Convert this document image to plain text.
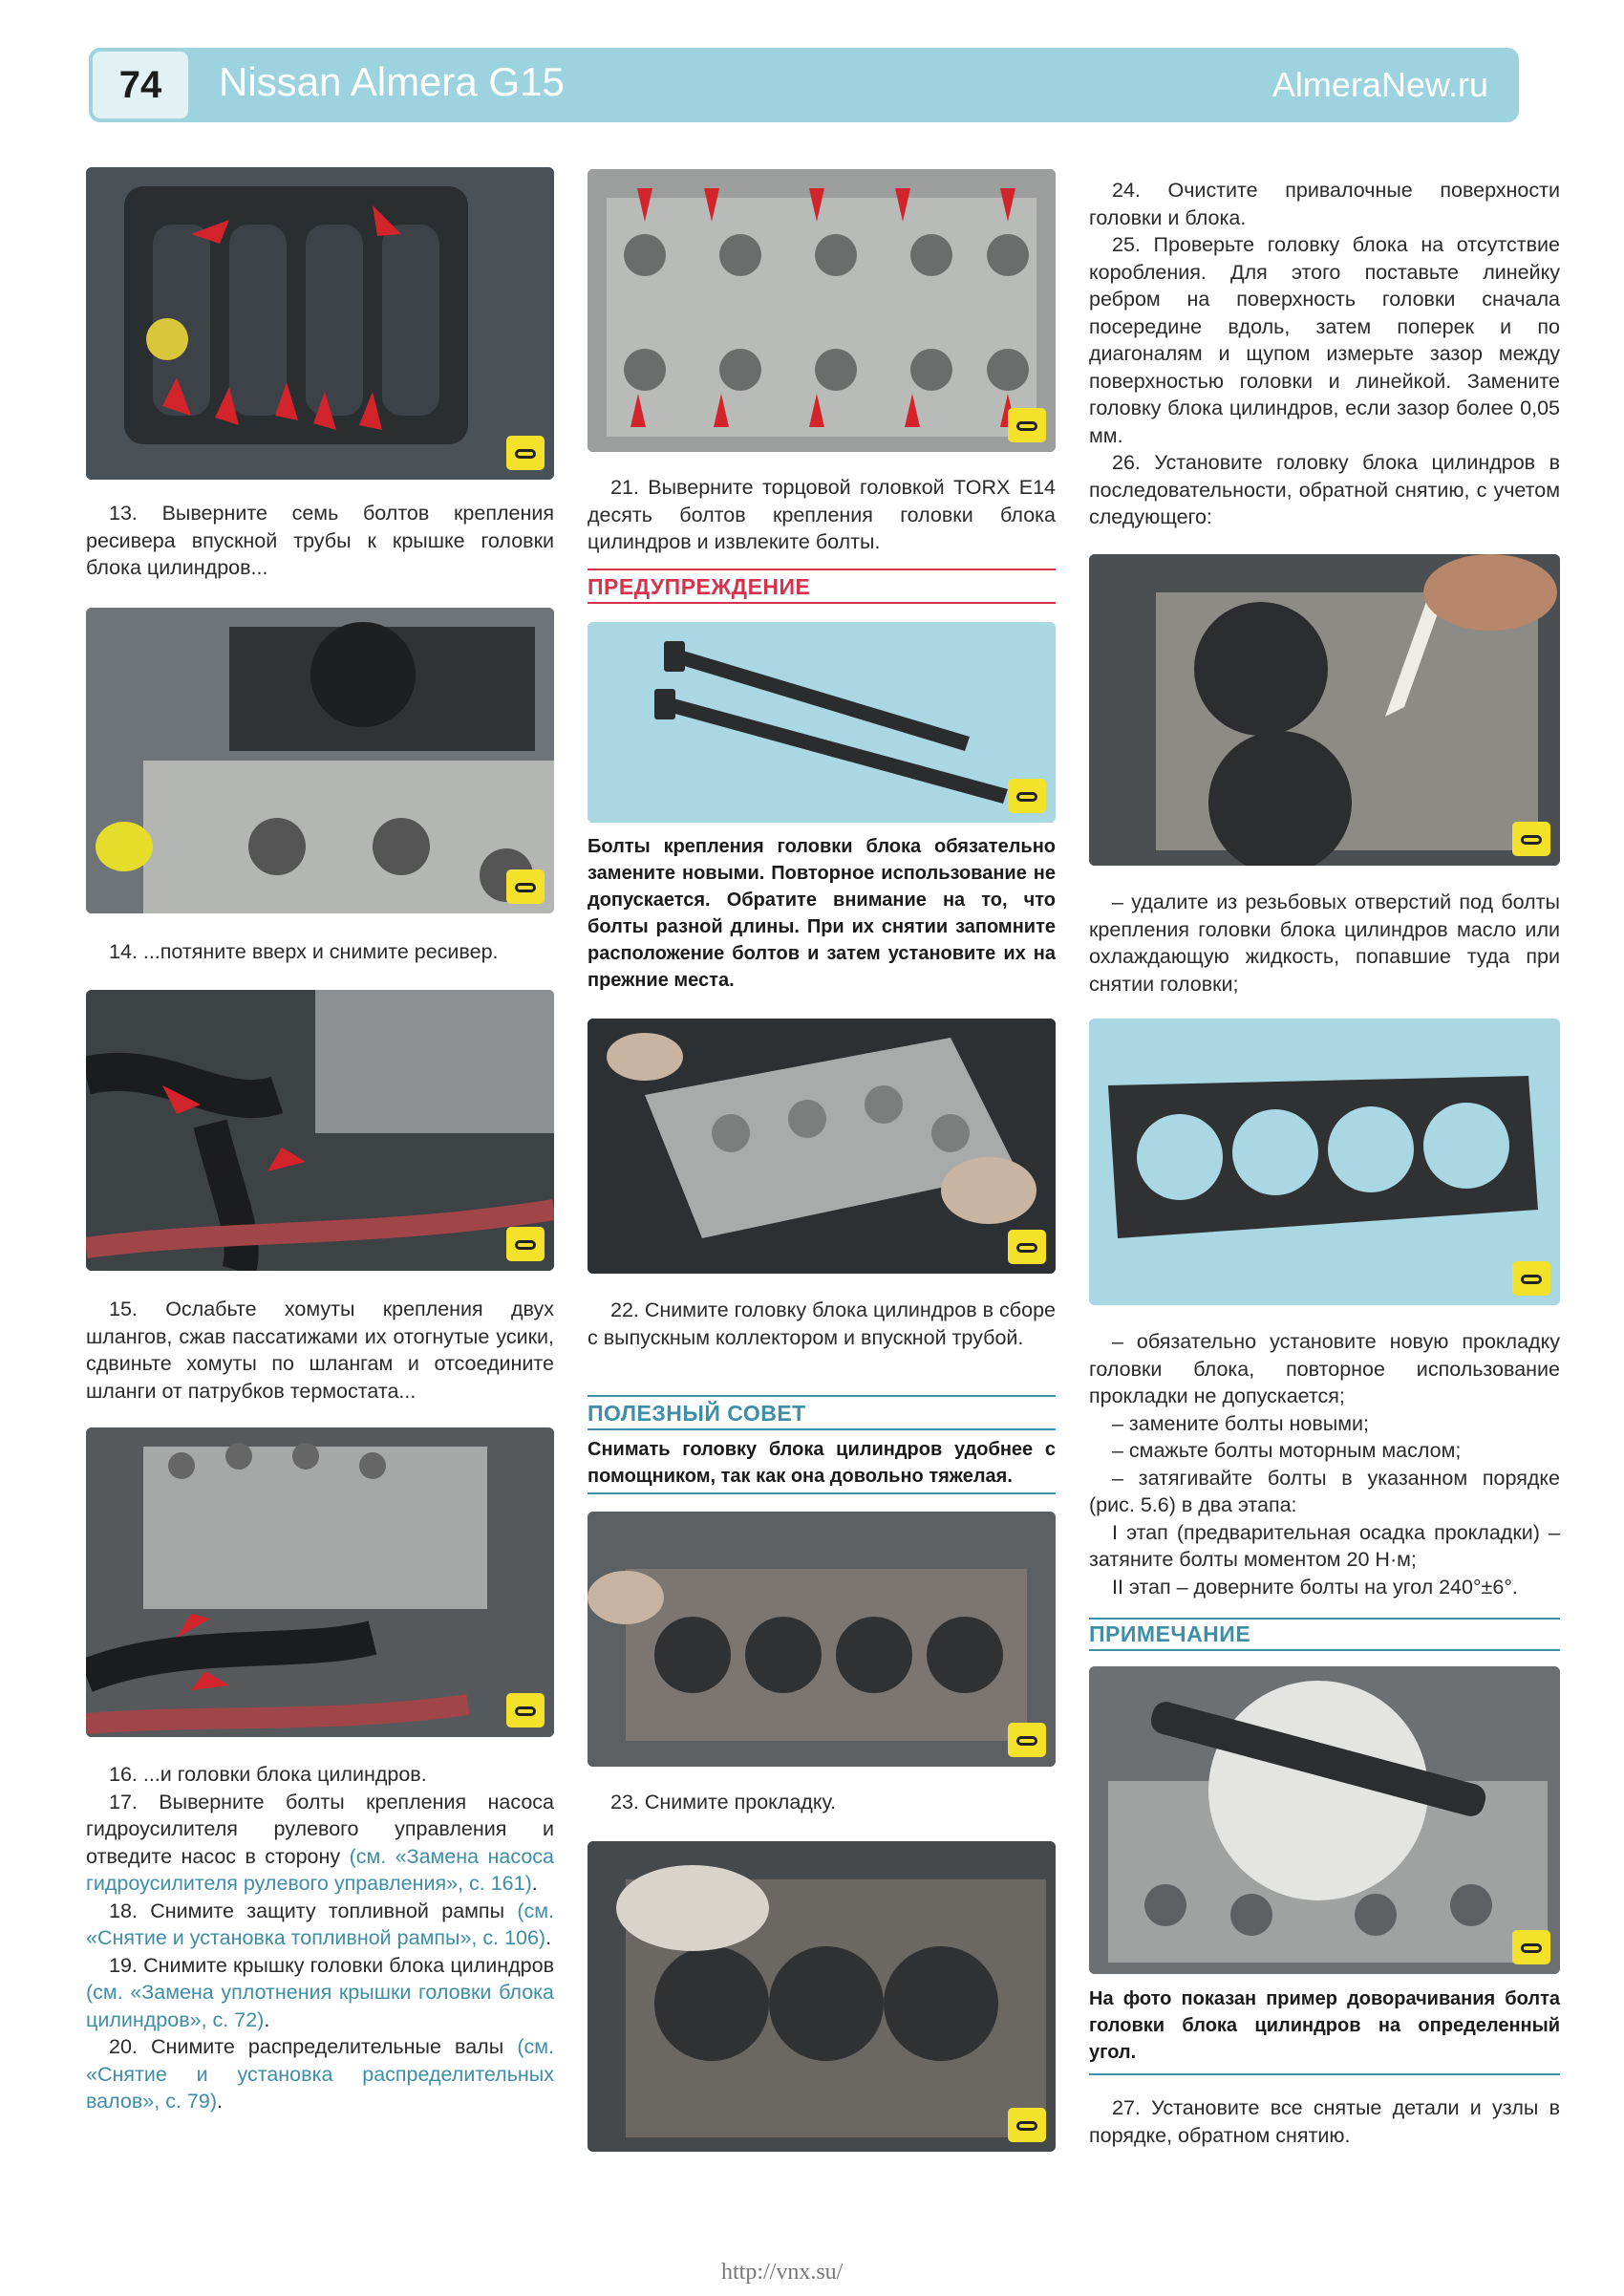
74	Nissan Almera G15	AlmeraNew.ru

13. Выверните семь болтов крепления ресивера впускной трубы к крышке головки блока цилиндров...

14. ...потяните вверх и снимите ресивер.

15. Ослабьте хомуты крепления двух шлангов, сжав пассатижами их отогнутые усики, сдвиньте хомуты по шлангам и отсоедините шланги от патрубков термостата...

16. ...и головки блока цилиндров.

17. Выверните болты крепления насоса гидроусилителя рулевого управления и отведите насос в сторону (см. «Замена насоса гидроусилителя рулевого управления», с. 161).

18. Снимите защиту топливной рампы (см. «Снятие и установка топливной рампы», с. 106).

19. Снимите крышку головки блока цилиндров (см. «Замена уплотнения крышки головки блока цилиндров», с. 72).

20. Снимите распределительные валы (см. «Снятие и установка распределительных валов», с. 79).

21. Выверните торцовой головкой TORX E14 десять болтов крепления головки блока цилиндров и извлеките болты.

ПРЕДУПРЕЖДЕНИЕ
Болты крепления головки блока обязательно замените новыми. Повторное использование не допускается. Обратите внимание на то, что болты разной длины. При их снятии запомните расположение болтов и затем установите их на прежние места.

22. Снимите головку блока цилиндров в сборе с выпускным коллектором и впускной трубой.

ПОЛЕЗНЫЙ СОВЕТ
Снимать головку блока цилиндров удобнее с помощником, так как она довольно тяжелая.

23. Снимите прокладку.

24. Очистите привалочные поверхности головки и блока.

25. Проверьте головку блока на отсутствие коробления. Для этого поставьте линейку ребром на поверхность головки сначала посередине вдоль, затем поперек и по диагоналям и щупом измерьте зазор между поверхностью головки и линейкой. Замените головку блока цилиндров, если зазор более 0,05 мм.

26. Установите головку блока цилиндров в последовательности, обратной снятию, с учетом следующего:

– удалите из резьбовых отверстий под болты крепления головки блока цилиндров масло или охлаждающую жидкость, попавшие туда при снятии головки;

– обязательно установите новую прокладку головки блока, повторное использование прокладки не допускается;

– замените болты новыми;

– смажьте болты моторным маслом;

– затягивайте болты в указанном порядке (рис. 5.6) в два этапа:

I этап (предварительная осадка прокладки) – затяните болты моментом 20 Н·м;

II этап – доверните болты на угол 240°±6°.

ПРИМЕЧАНИЕ
На фото показан пример доворачивания болта головки блока цилиндров на определенный угол.

27. Установите все снятые детали и узлы в порядке, обратном снятию.

http://vnx.su/
